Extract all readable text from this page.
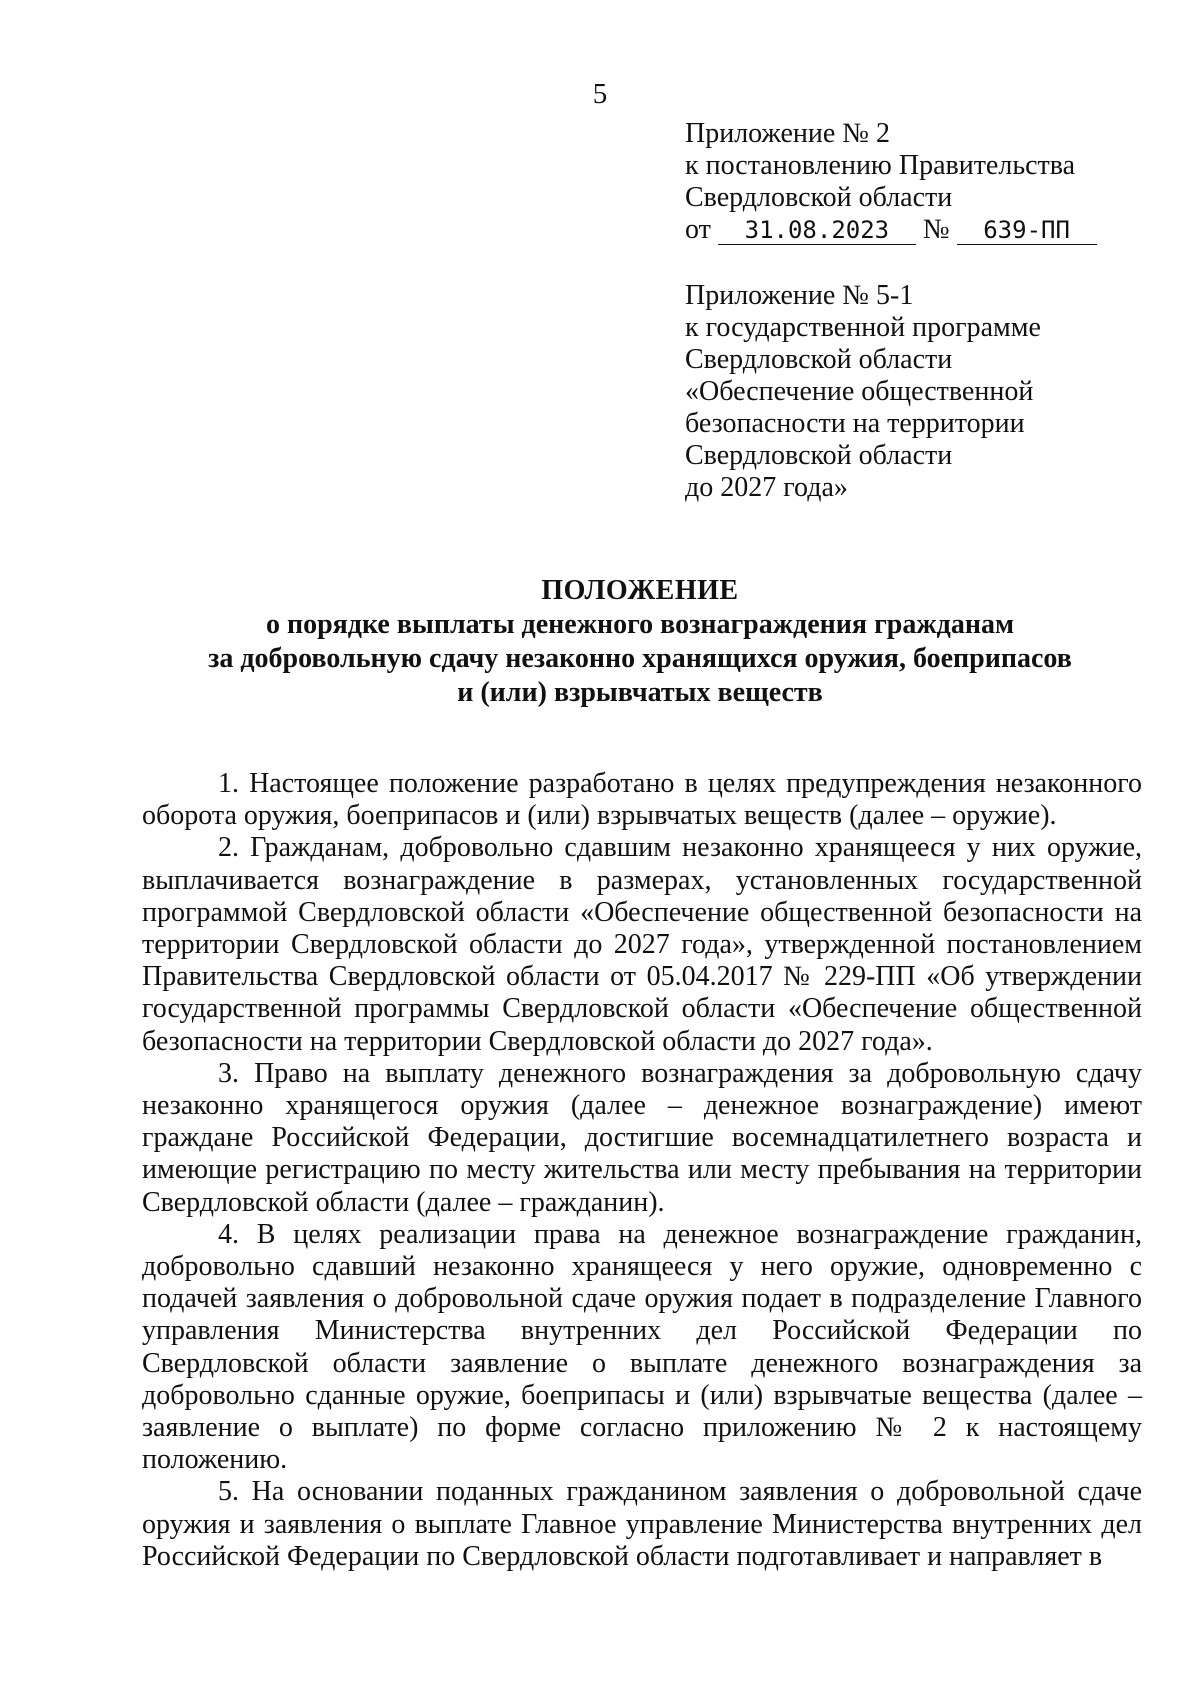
5
Приложение № 2
к постановлению Правительства
Свердловской области
от 31.08.2023 № 639-ПП
Приложение № 5-1
к государственной программе
Свердловской области
«Обеспечение общественной
безопасности на территории
Свердловской области
до 2027 года»
ПОЛОЖЕНИЕ
о порядке выплаты денежного вознаграждения гражданам
за добровольную сдачу незаконно хранящихся оружия, боеприпасов
и (или) взрывчатых веществ

1. Настоящее положение разработано в целях предупреждения незаконного оборота оружия, боеприпасов и (или) взрывчатых веществ (далее – оружие).

2. Гражданам, добровольно сдавшим незаконно хранящееся у них оружие, выплачивается вознаграждение в размерах, установленных государственной программой Свердловской области «Обеспечение общественной безопасности на территории Свердловской области до 2027 года», утвержденной постановлением Правительства Свердловской области от 05.04.2017 № 229-ПП «Об утверждении государственной программы Свердловской области «Обеспечение общественной безопасности на территории Свердловской области до 2027 года».

3. Право на выплату денежного вознаграждения за добровольную сдачу незаконно хранящегося оружия (далее – денежное вознаграждение) имеют граждане Российской Федерации, достигшие восемнадцатилетнего возраста и имеющие регистрацию по месту жительства или месту пребывания на территории Свердловской области (далее – гражданин).

4. В целях реализации права на денежное вознаграждение гражданин, добровольно сдавший незаконно хранящееся у него оружие, одновременно с подачей заявления о добровольной сдаче оружия подает в подразделение Главного управления Министерства внутренних дел Российской Федерации по Свердловской области заявление о выплате денежного вознаграждения за добровольно сданные оружие, боеприпасы и (или) взрывчатые вещества (далее – заявление о выплате) по форме согласно приложению № 2 к настоящему положению.

5. На основании поданных гражданином заявления о добровольной сдаче оружия и заявления о выплате Главное управление Министерства внутренних дел Российской Федерации по Свердловской области подготавливает и направляет в
